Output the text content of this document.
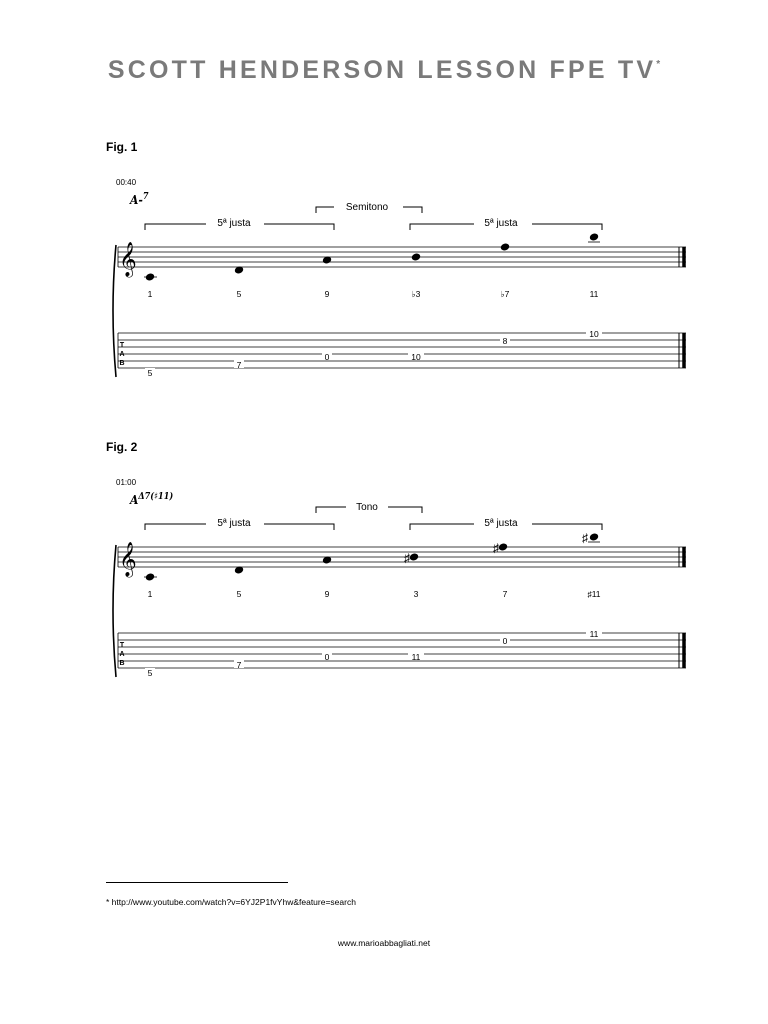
SCOTT HENDERSON LESSON FPE TV*
Fig. 1
00:40
A-$^7$
5ª justa
Semitono
5ª justa
𝄞
1	5	9	♭3	♭7	11
T
A
B
5
7
0	10
8
10
Fig. 2
01:00
$A^{\Delta 7(♯11)}$
5ª justa
Tono
5ª justa
𝄞	♯
♯
♯
1	5	9	3	7	♯11
T
A
B
5
7
0	11
0
11
* http://www.youtube.com/watch?v=6YJ2P1fvYhw&feature=search
www.marioabbagliati.net
